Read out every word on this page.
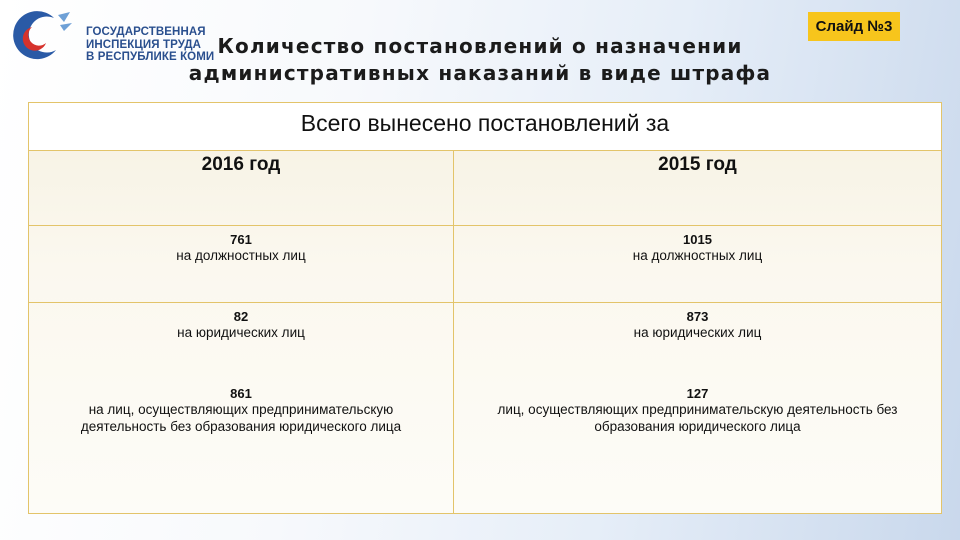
ГОСУДАРСТВЕННАЯ
ИНСПЕКЦИЯ ТРУДА
В РЕСПУБЛИКЕ КОМИ Количество постановлений о назначении
административных наказаний в виде штрафа
Слайд №3
Всего вынесено постановлений за
2016 год	2015 год
761
на должностных лиц
1015
на должностных лиц
82
на юридических лиц
873
на юридических лиц
861
на лиц, осуществляющих предпринимательскую деятельность без образования юридического лица
127
лиц, осуществляющих предпринимательскую деятельность без образования юридического лица
